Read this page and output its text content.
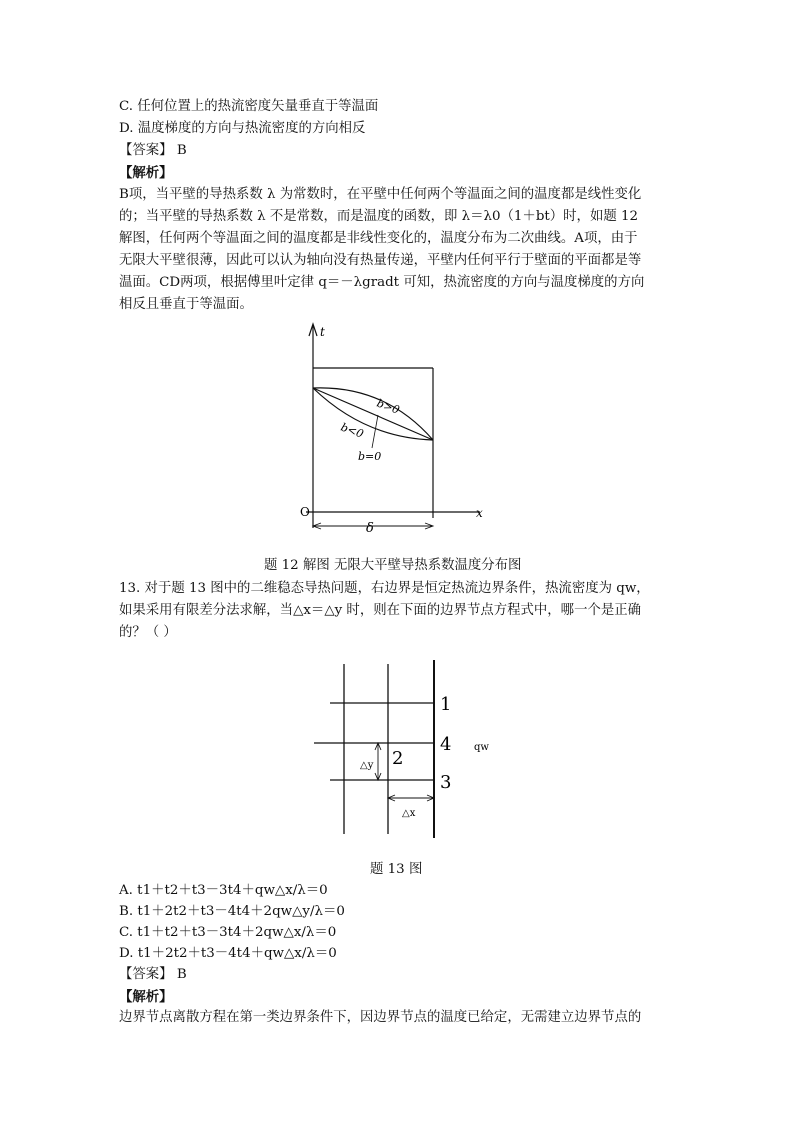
C. 任何位置上的热流密度矢量垂直于等温面
D. 温度梯度的方向与热流密度的方向相反
【答案】 B
【解析】
B项，当平壁的导热系数 λ 为常数时，在平壁中任何两个等温面之间的温度都是线性变化
的；当平壁的导热系数 λ 不是常数，而是温度的函数，即 λ＝λ0（1＋bt）时，如题 12
解图，任何两个等温面之间的温度都是非线性变化的，温度分布为二次曲线。A项，由于
无限大平壁很薄，因此可以认为轴向没有热量传递，平壁内任何平行于壁面的平面都是等
温面。CD两项，根据傅里叶定律 q＝－λgradt 可知，热流密度的方向与温度梯度的方向
相反且垂直于等温面。
t
x
O
δ
b>0
b<0
b=0
题 12 解图 无限大平壁导热系数温度分布图
13. 对于题 13 图中的二维稳态导热问题，右边界是恒定热流边界条件，热流密度为 qw，
如果采用有限差分法求解，当△x＝△y 时，则在下面的边界节点方程式中，哪一个是正确
的？（ ）
1
4
3
2
qw
△y
△x
题 13 图
A. t1＋t2＋t3－3t4＋qw△x/λ＝0
B. t1＋2t2＋t3－4t4＋2qw△y/λ＝0
C. t1＋t2＋t3－3t4＋2qw△x/λ＝0
D. t1＋2t2＋t3－4t4＋qw△x/λ＝0
【答案】 B
【解析】
边界节点离散方程在第一类边界条件下，因边界节点的温度已给定，无需建立边界节点的
